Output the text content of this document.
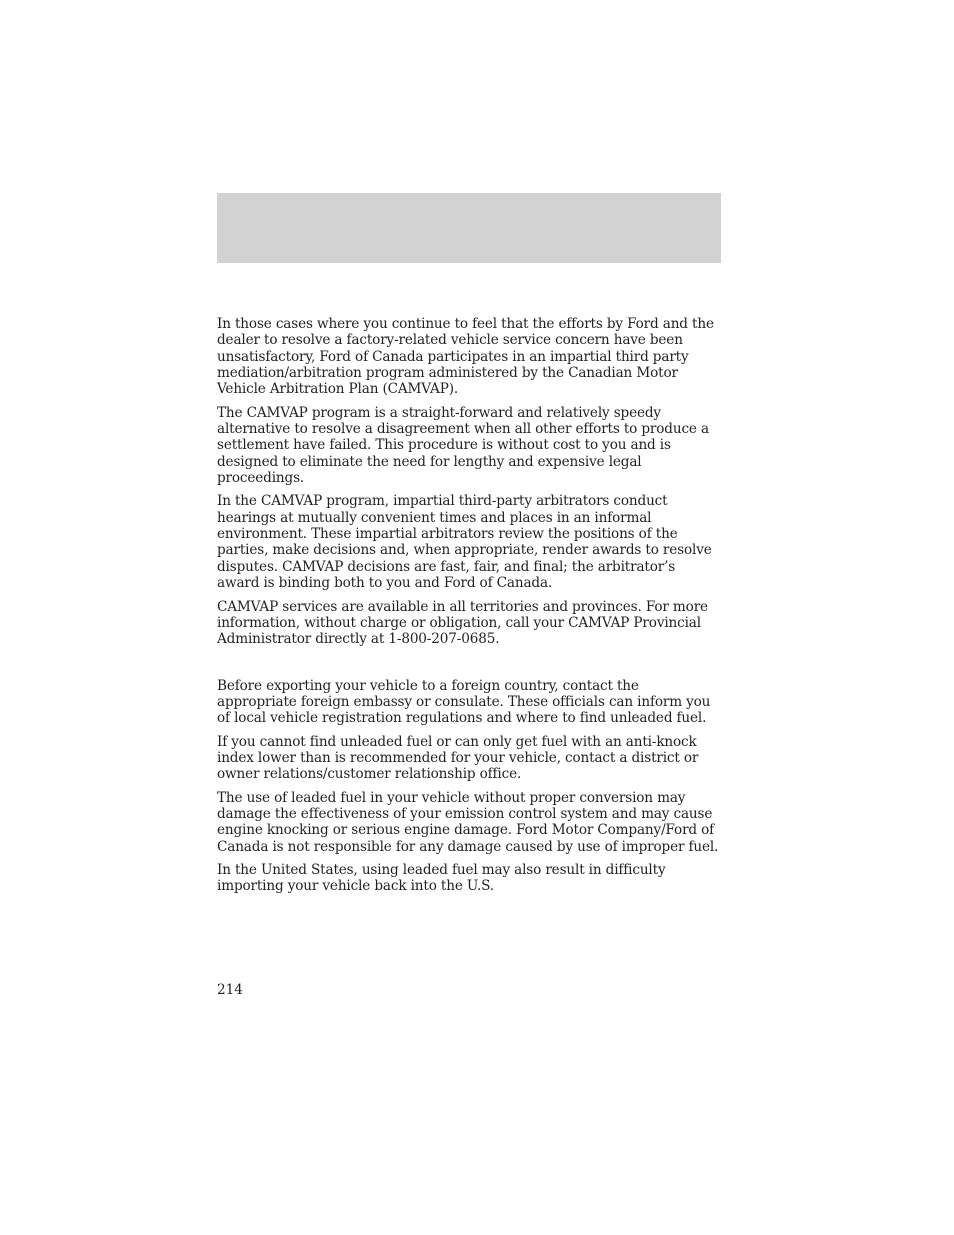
In those cases where you continue to feel that the efforts by Ford and the dealer to resolve a factory-related vehicle service concern have been unsatisfactory, Ford of Canada participates in an impartial third party mediation/arbitration program administered by the Canadian Motor Vehicle Arbitration Plan (CAMVAP).

The CAMVAP program is a straight-forward and relatively speedy alternative to resolve a disagreement when all other efforts to produce a settlement have failed. This procedure is without cost to you and is designed to eliminate the need for lengthy and expensive legal proceedings.

In the CAMVAP program, impartial third-party arbitrators conduct hearings at mutually convenient times and places in an informal environment. These impartial arbitrators review the positions of the parties, make decisions and, when appropriate, render awards to resolve disputes. CAMVAP decisions are fast, fair, and final; the arbitrator’s award is binding both to you and Ford of Canada.

CAMVAP services are available in all territories and provinces. For more information, without charge or obligation, call your CAMVAP Provincial Administrator directly at 1-800-207-0685.

Before exporting your vehicle to a foreign country, contact the appropriate foreign embassy or consulate. These officials can inform you of local vehicle registration regulations and where to find unleaded fuel.

If you cannot find unleaded fuel or can only get fuel with an anti-knock index lower than is recommended for your vehicle, contact a district or owner relations/customer relationship office.

The use of leaded fuel in your vehicle without proper conversion may damage the effectiveness of your emission control system and may cause engine knocking or serious engine damage. Ford Motor Company/Ford of Canada is not responsible for any damage caused by use of improper fuel.

In the United States, using leaded fuel may also result in difficulty importing your vehicle back into the U.S.

214
